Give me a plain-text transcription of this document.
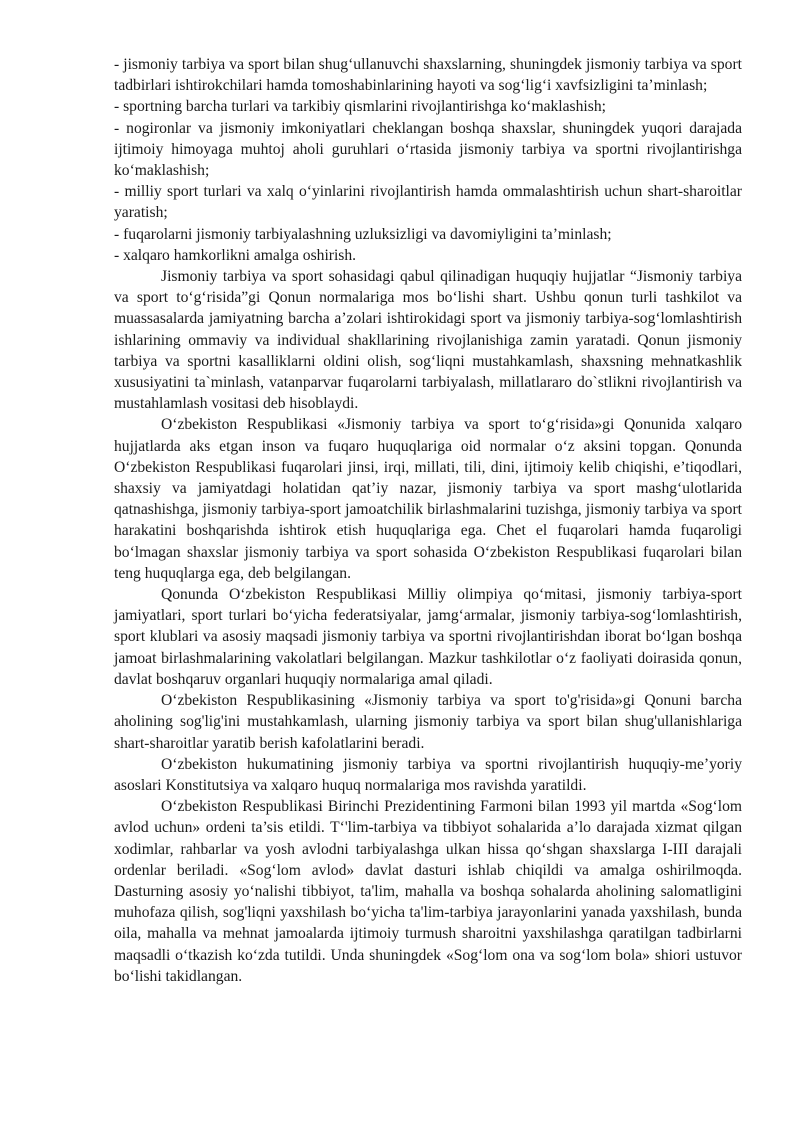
- jismoniy tarbiya va sport bilan shug‘ullanuvchi shaxslarning, shuningdek jismoniy tarbiya va sport tadbirlari ishtirokchilari hamda tomoshabinlarining hayoti va sog‘lig‘i xavfsizligini ta’minlash;

- sportning barcha turlari va tarkibiy qismlarini rivojlantirishga ko‘maklashish;

- nogironlar va jismoniy imkoniyatlari cheklangan boshqa shaxslar, shuningdek yuqori darajada ijtimoiy himoyaga muhtoj aholi guruhlari o‘rtasida jismoniy tarbiya va sportni rivojlantirishga ko‘maklashish;

- milliy sport turlari va xalq o‘yinlarini rivojlantirish hamda ommalashtirish uchun shart-sharoitlar yaratish;

- fuqarolarni jismoniy tarbiyalashning uzluksizligi va davomiyligini ta’minlash;

- xalqaro hamkorlikni amalga oshirish.

Jismoniy tarbiya va sport sohasidagi qabul qilinadigan huquqiy hujjatlar “Jismoniy tarbiya va sport to‘g‘risida”gi Qonun normalariga mos bo‘lishi shart. Ushbu qonun turli tashkilot va muassasalarda jamiyatning barcha a’zolari ishtirokidagi sport va jismoniy tarbiya-sog‘lomlashtirish ishlarining ommaviy va individual shakllarining rivojlanishiga zamin yaratadi. Qonun jismoniy tarbiya va sportni kasalliklarni oldini olish, sog‘liqni mustahkamlash, shaxsning mehnatkashlik xususiyatini ta`minlash, vatanparvar fuqarolarni tarbiyalash, millatlararo do`stlikni rivojlantirish va mustahlamlash vositasi deb hisoblaydi.

O‘zbekiston Respublikasi «Jismoniy tarbiya va sport to‘g‘risida»gi Qonunida xalqaro hujjatlarda aks etgan inson va fuqaro huquqlariga oid normalar o‘z aksini topgan. Qonunda O‘zbekiston Respublikasi fuqarolari jinsi, irqi, millati, tili, dini, ijtimoiy kelib chiqishi, e’tiqodlari, shaxsiy va jamiyatdagi holatidan qat’iy nazar, jismoniy tarbiya va sport mashg‘ulotlarida qatnashishga, jismoniy tarbiya-sport jamoatchilik birlashmalarini tuzishga, jismoniy tarbiya va sport harakatini boshqarishda ishtirok etish huquqlariga ega. Chet el fuqarolari hamda fuqaroligi bo‘lmagan shaxslar jismoniy tarbiya va sport sohasida O‘zbekiston Respublikasi fuqarolari bilan teng huquqlarga ega, deb belgilangan.

Qonunda O‘zbekiston Respublikasi Milliy olimpiya qo‘mitasi, jismoniy tarbiya-sport jamiyatlari, sport turlari bo‘yicha federatsiyalar, jamg‘armalar, jismoniy tarbiya-sog‘lomlashtirish, sport klublari va asosiy maqsadi jismoniy tarbiya va sportni rivojlantirishdan iborat bo‘lgan boshqa jamoat birlashmalarining vakolatlari belgilangan. Mazkur tashkilotlar o‘z faoliyati doirasida qonun, davlat boshqaruv organlari huquqiy normalariga amal qiladi.

O‘zbekiston Respublikasining «Jismoniy tarbiya va sport to'g'risida»gi Qonuni barcha aholining sog'lig'ini mustahkamlash, ularning jismoniy tarbiya va sport bilan shug'ullanishlariga shart-sharoitlar yaratib berish kafolatlarini beradi.

O‘zbekiston hukumatining jismoniy tarbiya va sportni rivojlantirish huquqiy-me’yoriy asoslari Konstitutsiya va xalqaro huquq normalariga mos ravishda yaratildi.

O‘zbekiston Respublikasi Birinchi Prezidentining Farmoni bilan 1993 yil martda «Sog‘lom avlod uchun» ordeni ta’sis etildi. T‘'lim-tarbiya va tibbiyot sohalarida a’lo darajada xizmat qilgan xodimlar, rahbarlar va yosh avlodni tarbiyalashga ulkan hissa qo‘shgan shaxslarga I-III darajali ordenlar beriladi. «Sog‘lom avlod» davlat dasturi ishlab chiqildi va amalga oshirilmoqda. Dasturning asosiy yo‘nalishi tibbiyot, ta'lim, mahalla va boshqa sohalarda aholining salomatligini muhofaza qilish, sog'liqni yaxshilash bo‘yicha ta'lim-tarbiya jarayonlarini yanada yaxshilash, bunda oila, mahalla va mehnat jamoalarda ijtimoiy turmush sharoitni yaxshilashga qaratilgan tadbirlarni maqsadli o‘tkazish ko‘zda tutildi. Unda shuningdek «Sog‘lom ona va sog‘lom bola» shiori ustuvor bo‘lishi takidlangan.
